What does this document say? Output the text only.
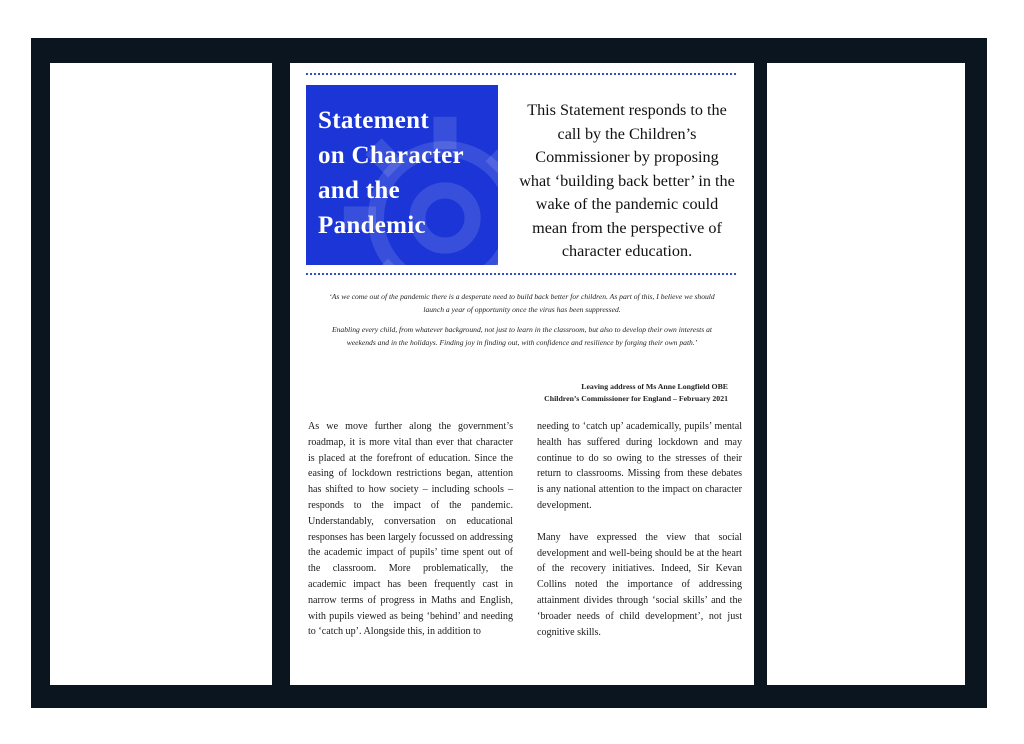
Statement
on Character
and the
Pandemic
This Statement responds to the call by the Children’s Commissioner by proposing what ‘building back better’ in the wake of the pandemic could mean from the perspective of character education.

‘As we come out of the pandemic there is a desperate need to build back better for children. As part of this, I believe we should launch a year of opportunity once the virus has been suppressed.

Enabling every child, from whatever background, not just to learn in the classroom, but also to develop their own interests at weekends and in the holidays. Finding joy in finding out, with confidence and resilience by forging their own path.’

Leaving address of Ms Anne Longfield OBE
Children’s Commissioner for England – February 2021

As we move further along the government’s roadmap, it is more vital than ever that character is placed at the forefront of education. Since the easing of lockdown restrictions began, attention has shifted to how society – including schools – responds to the impact of the pandemic. Understandably, conversation on educational responses has been largely focussed on addressing the academic impact of pupils’ time spent out of the classroom. More problematically, the academic impact has been frequently cast in narrow terms of progress in Maths and English, with pupils viewed as being ‘behind’ and needing to ‘catch up’. Alongside this, in addition to

needing to ‘catch up’ academically, pupils’ mental health has suffered during lockdown and may continue to do so owing to the stresses of their return to classrooms. Missing from these debates is any national attention to the impact on character development.

Many have expressed the view that social development and well-being should be at the heart of the recovery initiatives. Indeed, Sir Kevan Collins noted the importance of addressing attainment divides through ‘social skills’ and the ‘broader needs of child development’, not just cognitive skills.
